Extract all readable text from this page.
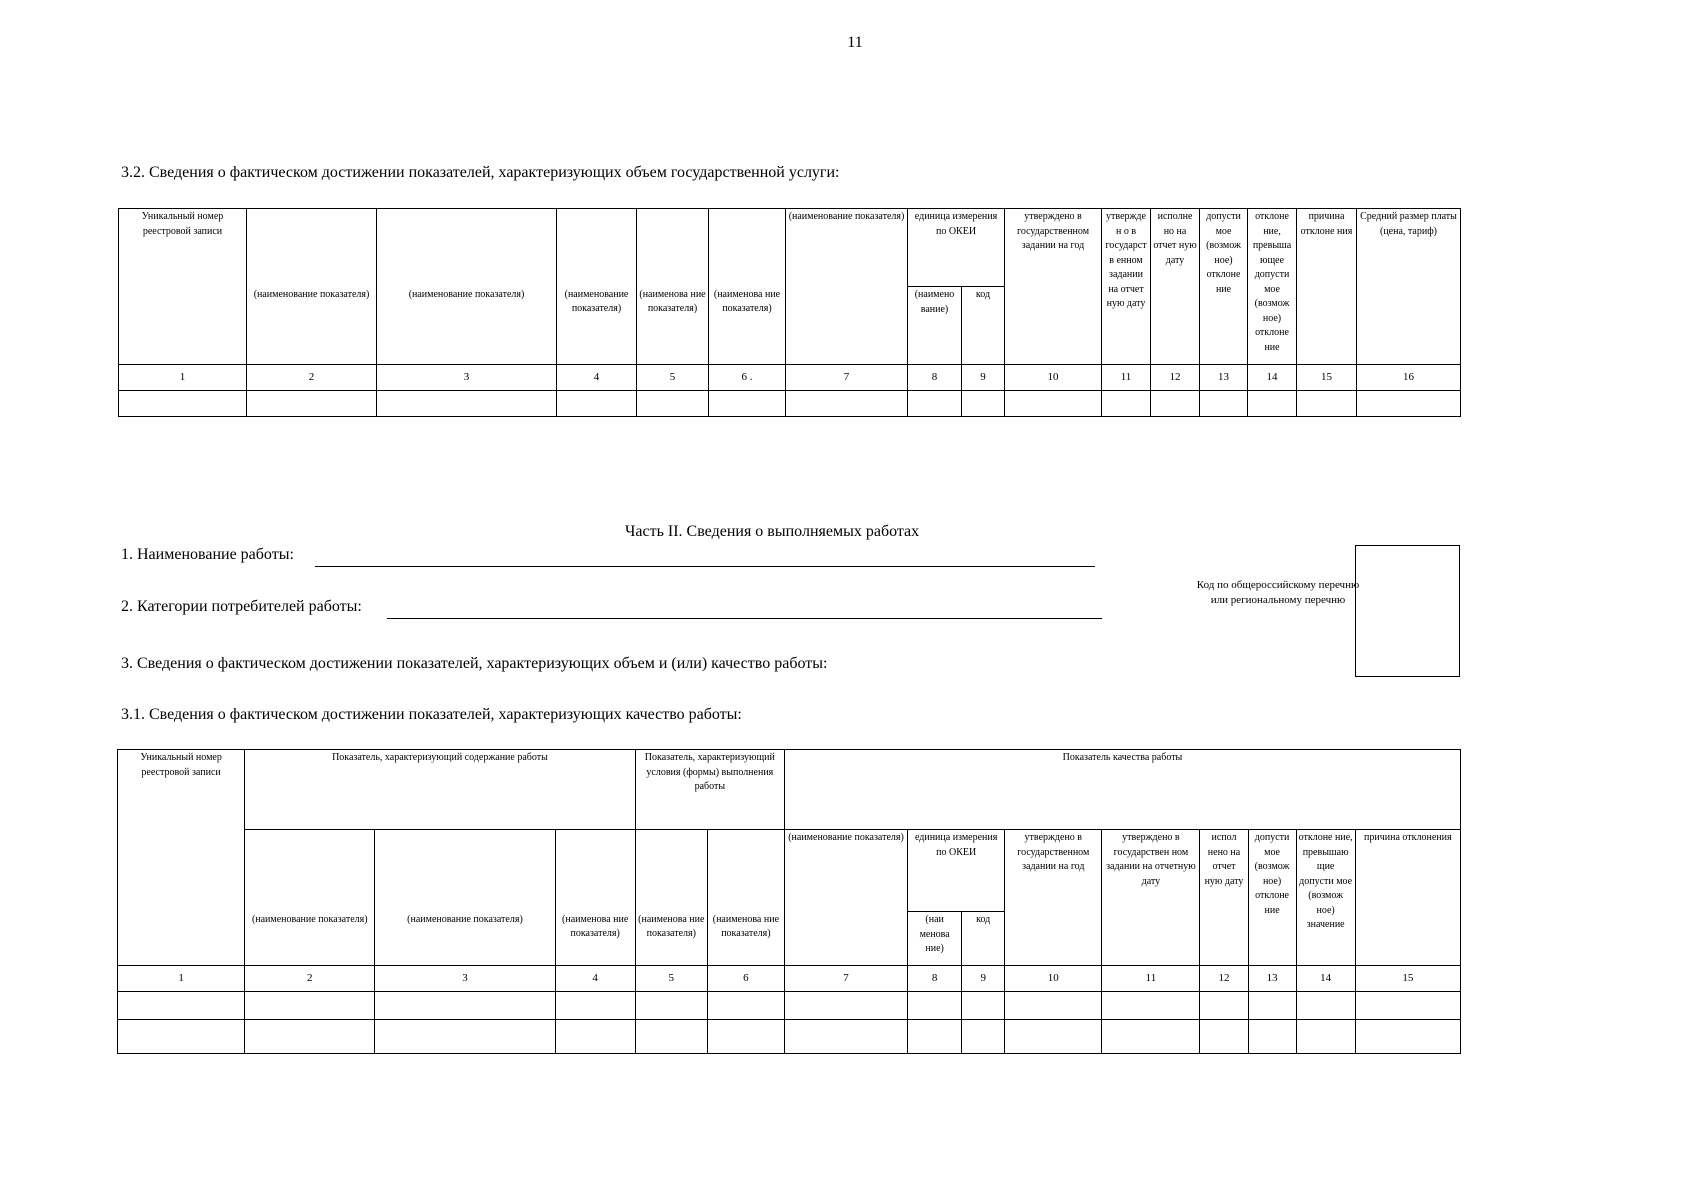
11
3.2. Сведения о фактическом достижении показателей, характеризующих объем государственной услуги:
Уникальный номер реестровой записи						(наименование показателя)	единица измерения по ОКЕИ		утверждено в государственном задании на год	утвержден о в государств енном задании на отчет ную дату	исполне но на отчет ную дату	допусти мое (возмож ное) отклоне ние	отклоне ние, превыша ющее допусти мое (возмож ное) отклоне ние	причина отклоне ния	Средний размер платы (цена, тариф)
	(наименование показателя)	(наименование показателя)	(наименование показателя)	(наименова ние показателя)	(наименова ние показателя)		(наимено вание)	код							
1	2	3	4	5	6 .	7	8	9	10	11	12	13	14	15	16

Часть II. Сведения о выполняемых работах
1. Наименование работы:
2. Категории потребителей работы:
Код по общероссийскому перечню или региональному перечню
3. Сведения о фактическом достижении показателей, характеризующих объем и (или) качество работы:
3.1. Сведения о фактическом достижении показателей, характеризующих качество работы:
Уникальный номер реестровой записи	Показатель, характеризующий содержание работы			Показатель, характеризующий условия (формы) выполнения работы		Показатель качества работы								
						(наименование показателя)	единица измерения по ОКЕИ		утверждено в государственном задании на год	утверждено в государствен ном задании на отчетную дату	испол нено на отчет ную дату	допусти мое (возмож ное) отклоне ние	отклоне ние, превышаю щие допусти мое (возмож ное) значение	причина отклонения
	(наименование показателя)	(наименование показателя)	(наименова ние показателя)	(наименова ние показателя)	(наименова ние показателя)		(наи менова ние)	код						
1	2	3	4	5	6	7	8	9	10	11	12	13	14	15
